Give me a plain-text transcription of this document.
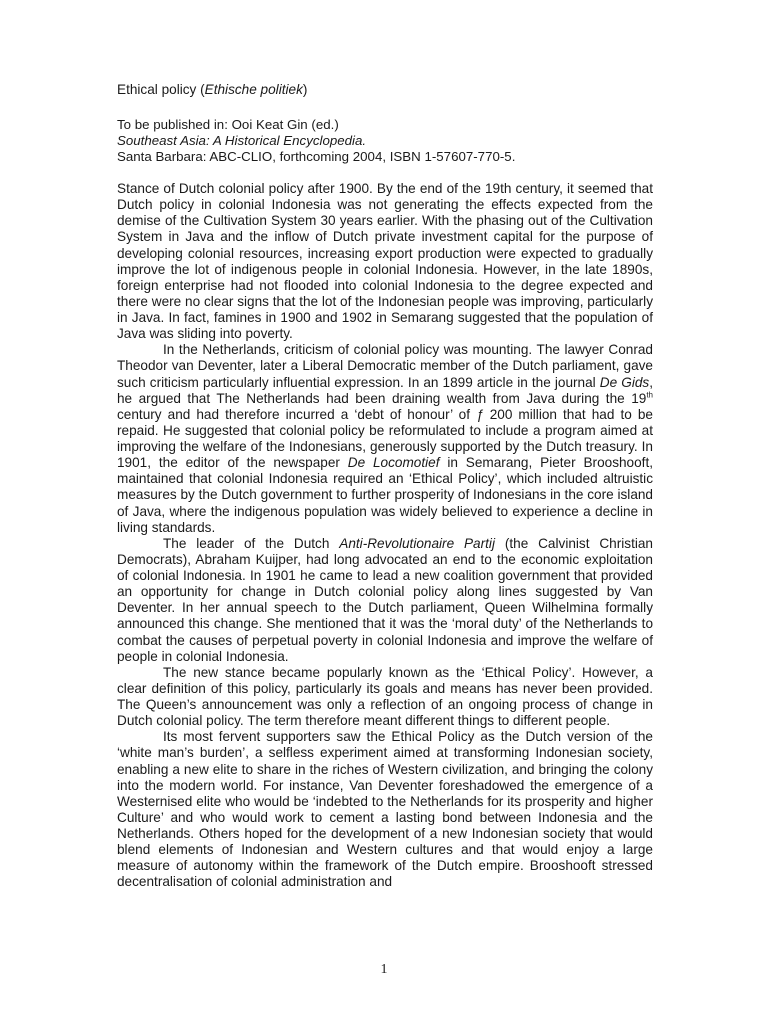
Ethical policy (Ethische politiek)
To be published in: Ooi Keat Gin (ed.)
Southeast Asia: A Historical Encyclopedia.
Santa Barbara: ABC-CLIO, forthcoming 2004, ISBN 1-57607-770-5.

Stance of Dutch colonial policy after 1900. By the end of the 19th century, it seemed that Dutch policy in colonial Indonesia was not generating the effects expected from the demise of the Cultivation System 30 years earlier. With the phasing out of the Cultivation System in Java and the inflow of Dutch private investment capital for the purpose of developing colonial resources, increasing export production were expected to gradually improve the lot of indigenous people in colonial Indonesia. However, in the late 1890s, foreign enterprise had not flooded into colonial Indonesia to the degree expected and there were no clear signs that the lot of the Indonesian people was improving, particularly in Java. In fact, famines in 1900 and 1902 in Semarang suggested that the population of Java was sliding into poverty.

In the Netherlands, criticism of colonial policy was mounting. The lawyer Conrad Theodor van Deventer, later a Liberal Democratic member of the Dutch parliament, gave such criticism particularly influential expression. In an 1899 article in the journal De Gids, he argued that The Netherlands had been draining wealth from Java during the 19th century and had therefore incurred a ‘debt of honour’ of ƒ 200 million that had to be repaid. He suggested that colonial policy be reformulated to include a program aimed at improving the welfare of the Indonesians, generously supported by the Dutch treasury. In 1901, the editor of the newspaper De Locomotief in Semarang, Pieter Brooshooft, maintained that colonial Indonesia required an ‘Ethical Policy’, which included altruistic measures by the Dutch government to further prosperity of Indonesians in the core island of Java, where the indigenous population was widely believed to experience a decline in living standards.

The leader of the Dutch Anti-Revolutionaire Partij (the Calvinist Christian Democrats), Abraham Kuijper, had long advocated an end to the economic exploitation of colonial Indonesia. In 1901 he came to lead a new coalition government that provided an opportunity for change in Dutch colonial policy along lines suggested by Van Deventer. In her annual speech to the Dutch parliament, Queen Wilhelmina formally announced this change. She mentioned that it was the ‘moral duty’ of the Netherlands to combat the causes of perpetual poverty in colonial Indonesia and improve the welfare of people in colonial Indonesia.

The new stance became popularly known as the ‘Ethical Policy’. However, a clear definition of this policy, particularly its goals and means has never been provided. The Queen’s announcement was only a reflection of an ongoing process of change in Dutch colonial policy. The term therefore meant different things to different people.

Its most fervent supporters saw the Ethical Policy as the Dutch version of the ‘white man’s burden’, a selfless experiment aimed at transforming Indonesian society, enabling a new elite to share in the riches of Western civilization, and bringing the colony into the modern world. For instance, Van Deventer foreshadowed the emergence of a Westernised elite who would be ‘indebted to the Netherlands for its prosperity and higher Culture’ and who would work to cement a lasting bond between Indonesia and the Netherlands. Others hoped for the development of a new Indonesian society that would blend elements of Indonesian and Western cultures and that would enjoy a large measure of autonomy within the framework of the Dutch empire. Brooshooft stressed decentralisation of colonial administration and

1
